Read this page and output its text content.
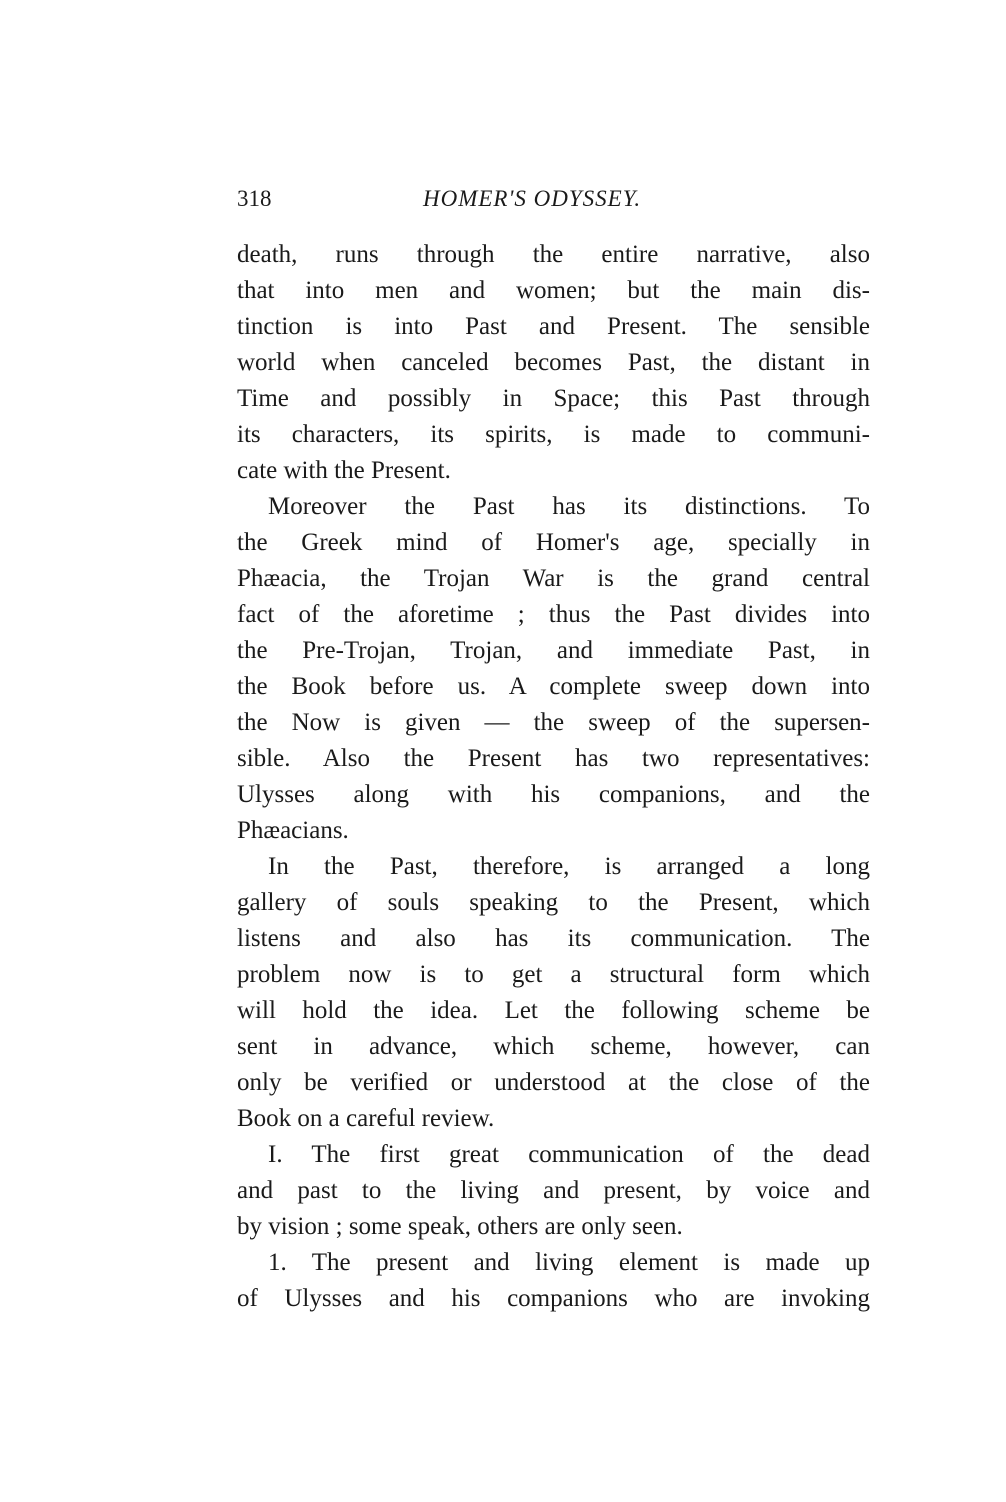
318	HOMER'S ODYSSEY.
death, runs through the entire narrative, also
that into men and women; but the main dis-
tinction is into Past and Present. The sensible
world when canceled becomes Past, the distant in
Time and possibly in Space; this Past through
its characters, its spirits, is made to communi-
cate with the Present.
Moreover the Past has its distinctions. To
the Greek mind of Homer's age, specially in
Phæacia, the Trojan War is the grand central
fact of the aforetime ; thus the Past divides into
the Pre-Trojan, Trojan, and immediate Past, in
the Book before us. A complete sweep down into
the Now is given — the sweep of the supersen-
sible. Also the Present has two representatives:
Ulysses along with his companions, and the
Phæacians.
In the Past, therefore, is arranged a long
gallery of souls speaking to the Present, which
listens and also has its communication. The
problem now is to get a structural form which
will hold the idea. Let the following scheme be
sent in advance, which scheme, however, can
only be verified or understood at the close of the
Book on a careful review.
I. The first great communication of the dead
and past to the living and present, by voice and
by vision ; some speak, others are only seen.
1. The present and living element is made up
of Ulysses and his companions who are invoking
